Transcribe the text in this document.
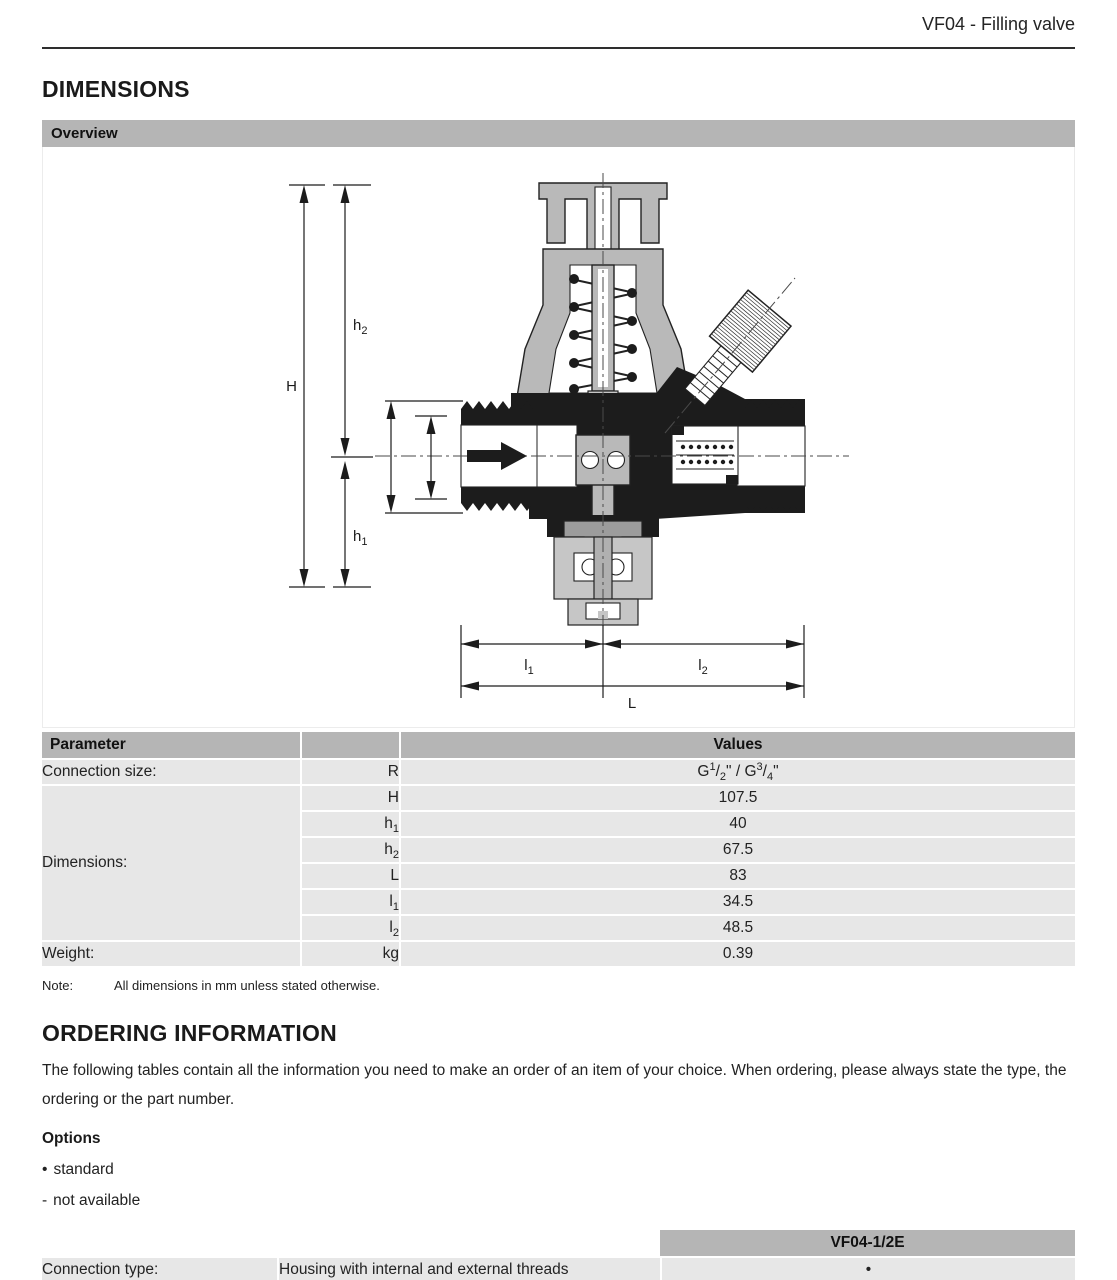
VF04 - Filling valve
DIMENSIONS
Overview
H
$h_2$
$h_1$
$l_1$	$l_2$
L
Parameter		Values
Connection size:	R	$G^1/_2$" / $G^3/_4$"
Dimensions:	H	107.5
	$h_1$	40
	$h_2$	67.5
	L	83
	$l_1$	34.5
	$l_2$	48.5
Weight:	kg	0.39
Note:	All dimensions in mm unless stated otherwise.
ORDERING INFORMATION
The following tables contain all the information you need to make an order of an item of your choice. When ordering, please always state the type, the ordering or the part number.
Options
• standard
- not available
		VF04-1/2E
Connection type:	Housing with internal and external threads	•
